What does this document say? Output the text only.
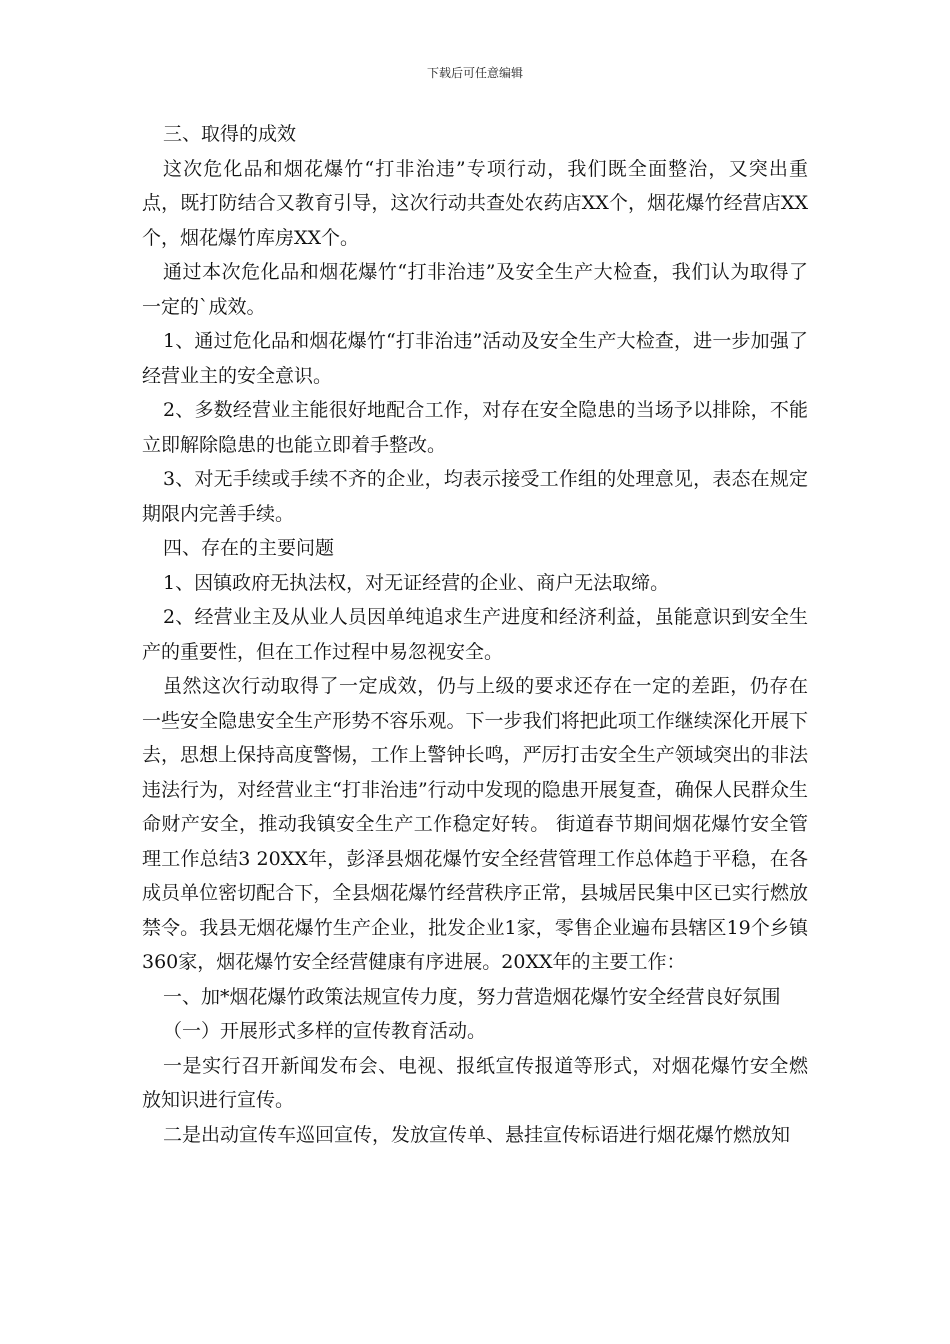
下载后可任意编辑

三、取得的成效

这次危化品和烟花爆竹“打非治违”专项行动，我们既全面整治，又突出重点，既打防结合又教育引导，这次行动共查处农药店XX个，烟花爆竹经营店XX个，烟花爆竹库房XX个。

通过本次危化品和烟花爆竹“打非治违”及安全生产大检查，我们认为取得了一定的`成效。

1、通过危化品和烟花爆竹“打非治违”活动及安全生产大检查，进一步加强了经营业主的安全意识。

2、多数经营业主能很好地配合工作，对存在安全隐患的当场予以排除，不能立即解除隐患的也能立即着手整改。

3、对无手续或手续不齐的企业，均表示接受工作组的处理意见，表态在规定期限内完善手续。

四、存在的主要问题

1、因镇政府无执法权，对无证经营的企业、商户无法取缔。

2、经营业主及从业人员因单纯追求生产进度和经济利益，虽能意识到安全生产的重要性，但在工作过程中易忽视安全。

虽然这次行动取得了一定成效，仍与上级的要求还存在一定的差距，仍存在一些安全隐患安全生产形势不容乐观。下一步我们将把此项工作继续深化开展下去，思想上保持高度警惕，工作上警钟长鸣，严厉打击安全生产领域突出的非法违法行为，对经营业主“打非治违”行动中发现的隐患开展复查，确保人民群众生命财产安全，推动我镇安全生产工作稳定好转。 街道春节期间烟花爆竹安全管理工作总结3 20XX年，彭泽县烟花爆竹安全经营管理工作总体趋于平稳，在各成员单位密切配合下，全县烟花爆竹经营秩序正常，县城居民集中区已实行燃放禁令。我县无烟花爆竹生产企业，批发企业1家，零售企业遍布县辖区19个乡镇360家，烟花爆竹安全经营健康有序进展。20XX年的主要工作：

一、加*烟花爆竹政策法规宣传力度，努力营造烟花爆竹安全经营良好氛围

（一）开展形式多样的宣传教育活动。

一是实行召开新闻发布会、电视、报纸宣传报道等形式，对烟花爆竹安全燃放知识进行宣传。

二是出动宣传车巡回宣传，发放宣传单、悬挂宣传标语进行烟花爆竹燃放知
